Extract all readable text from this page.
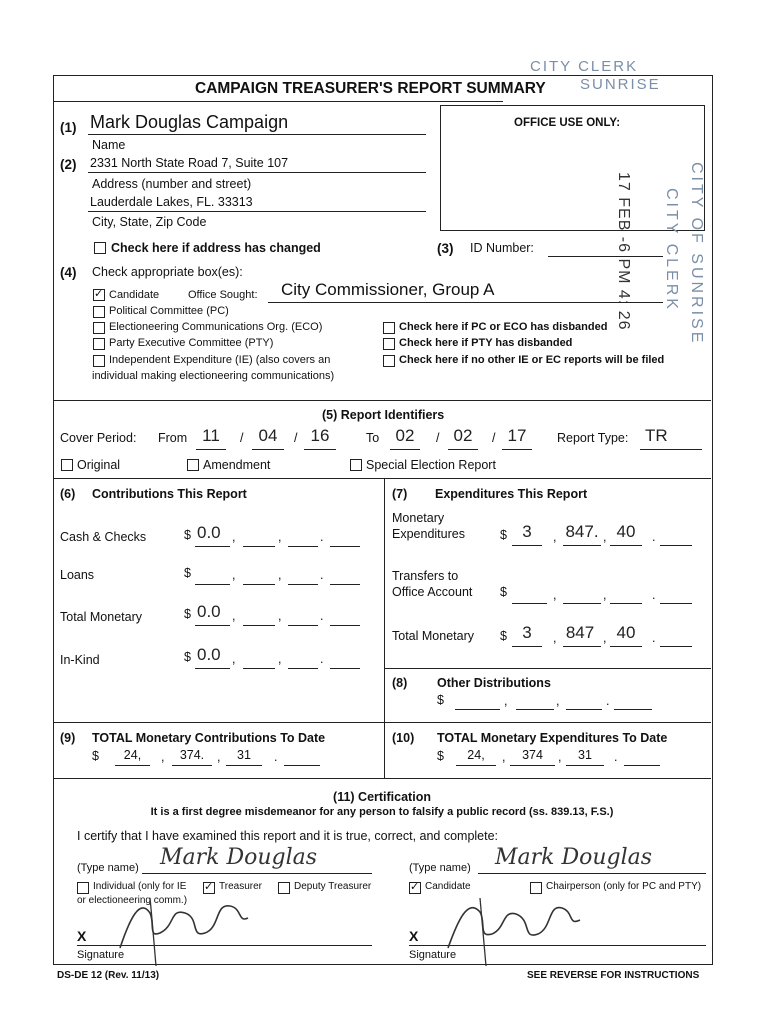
CITY CLERK
SUNRISE
CAMPAIGN TREASURER'S REPORT SUMMARY
(1) Mark Douglas Campaign
Name
(2) 2331 North State Road 7, Suite 107
Address (number and street)
Lauderdale Lakes, FL. 33313
City, State, Zip Code
Check here if address has changed
OFFICE USE ONLY:
17 FEB -6 PM 4: 26	CITY OF SUNRISE
CITY CLERK
(3) ID Number:
(4) Check appropriate box(es):
✓
Candidate	Office Sought: City Commissioner, Group A
Political Committee (PC)
Electioneering Communications Org. (ECO)
Party Executive Committee (PTY)
Independent Expenditure (IE) (also covers an
individual making electioneering communications)
Check here if PC or ECO has disbanded
Check here if PTY has disbanded
Check here if no other IE or EC reports will be filed
(5) Report Identifiers
Cover Period: From 11	/ 04	/ 16	To 02	/ 02	/ 17	Report Type: TR
Original	Amendment	Special Election Report
(6) Contributions This Report
Cash & Checks	$ 0.0 ,	,	.
Loans	$	,	,	.
Total Monetary	$ 0.0 ,	,	.
In-Kind	$ 0.0 ,	,	.
(7) Expenditures This Report
Monetary
Expenditures	$ 3	, 847. , 40	.
Transfers to
Office Account $	,	,	.
Total Monetary $ 3	, 847 , 40	.
(8) Other Distributions
$	,	,	.
(9) TOTAL Monetary Contributions To Date
$	24,	,	374.	,	31	.
(10) TOTAL Monetary Expenditures To Date
$	24,	,	374	,	31	.
(11) Certification
It is a first degree misdemeanor for any person to falsify a public record (ss. 839.13, F.S.)
I certify that I have examined this report and it is true, correct, and complete:
(Type name) Mark Douglas
Individual (only for IE
or electioneering comm.)
✓
Treasurer	Deputy Treasurer
X
Signature
(Type name) Mark Douglas
✓
Candidate	Chairperson (only for PC and PTY)
X
Signature
DS-DE 12 (Rev. 11/13)	SEE REVERSE FOR INSTRUCTIONS
